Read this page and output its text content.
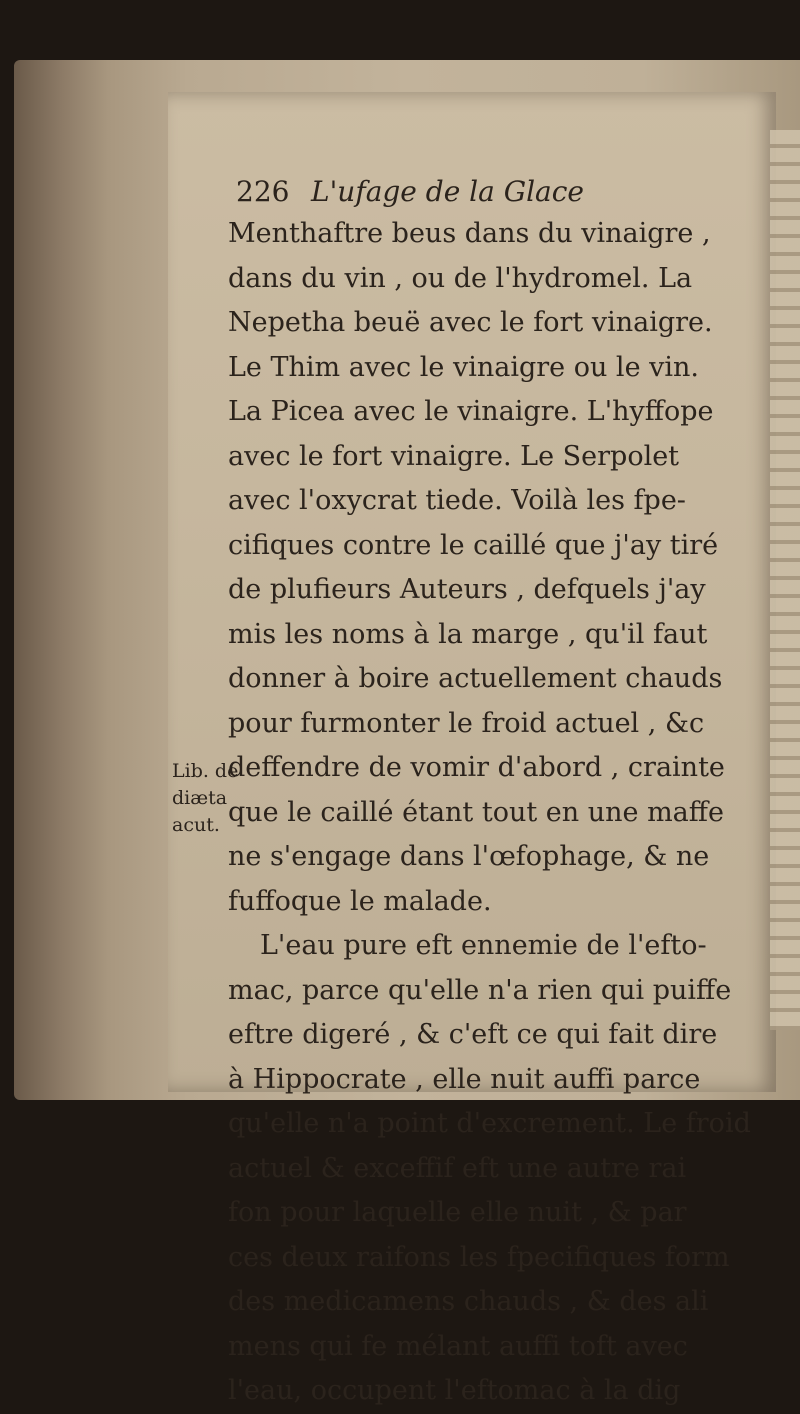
226 L'ufage de la Glace
Menthaftre beus dans du vinaigre ,
dans du vin , ou de l'hydromel. La
Nepetha beuë avec le fort vinaigre.
Le Thim avec le vinaigre ou le vin.
La Picea avec le vinaigre. L'hyffope
avec le fort vinaigre. Le Serpolet
avec l'oxycrat tiede. Voilà les fpe-
cifiques contre le caillé que j'ay tiré
de plufieurs Auteurs , defquels j'ay
mis les noms à la marge , qu'il faut
donner à boire actuellement chauds
pour furmonter le froid actuel , &c
deffendre de vomir d'abord , crainte
que le caillé étant tout en une maffe
ne s'engage dans l'œfophage, & ne
fuffoque le malade.
L'eau pure eft ennemie de l'efto-
mac, parce qu'elle n'a rien qui puiffe
eftre digeré , & c'eft ce qui fait dire
à Hippocrate , elle nuit auffi parce
qu'elle n'a point d'excrement. Le froid
actuel & exceffif eft une autre rai
fon pour laquelle elle nuit , & par
ces deux raifons les fpecifiques form
des medicamens chauds , & des ali
mens qui fe mélant auffi toft avec
l'eau, occupent l'eftomac à la dig
Lib. de
diæta
acut.
